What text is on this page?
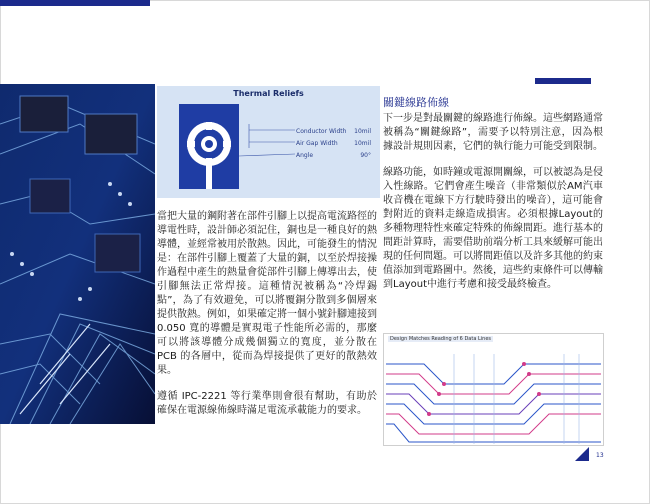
Thermal Reliefs
Conductor Width
Air Gap Width
Angle
10mil
10mil
90°

當把大量的鋼附著在部件引腳上以提高電流路徑的導電性時，設計師必須記住，銅也是一種良好的熱導體，並經常被用於散熱。因此，可能發生的情況是：在部件引腳上覆蓋了大量的銅，以至於焊接操作過程中產生的熱量會從部件引腳上傳導出去，使引腳無法正常焊接。這種情況被稱為“冷焊錫點”，為了有效避免，可以將覆銅分散到多個層來提供散熱。例如，如果確定將一個小號針腳連接到 0.050 寬的導體是實現電子性能所必需的，那麼可以將該導體分成幾個獨立的寬度，並分散在 PCB 的各層中，從而為焊接提供了更好的散熱效果。

遵循 IPC-2221 等行業準則會很有幫助，有助於確保在電源線佈線時滿足電流承載能力的要求。

關鍵線路佈線

下一步是對最關鍵的線路進行佈線。這些網路通常被稱為“關鍵線路”，需要予以特別注意，因為根據設計規則因素，它們的執行能力可能受到限制。

線路功能，如時鐘或電源開關線，可以被認為是侵入性線路。它們會產生噪音（非常類似於AM汽車收音機在電線下方行駛時發出的噪音），這可能會對附近的資料走線造成損害。必須根據Layout的多種物理特性來確定特殊的佈線間距。進行基本的間距計算時，需要借助前端分析工具來緩解可能出現的任何問題。可以將間距值以及許多其他的約束值添加到電路圖中。然後，這些約束條件可以傳輸到Layout中進行考慮和接受最終檢查。

Design Matches Reading of 6 Data Lines
13
